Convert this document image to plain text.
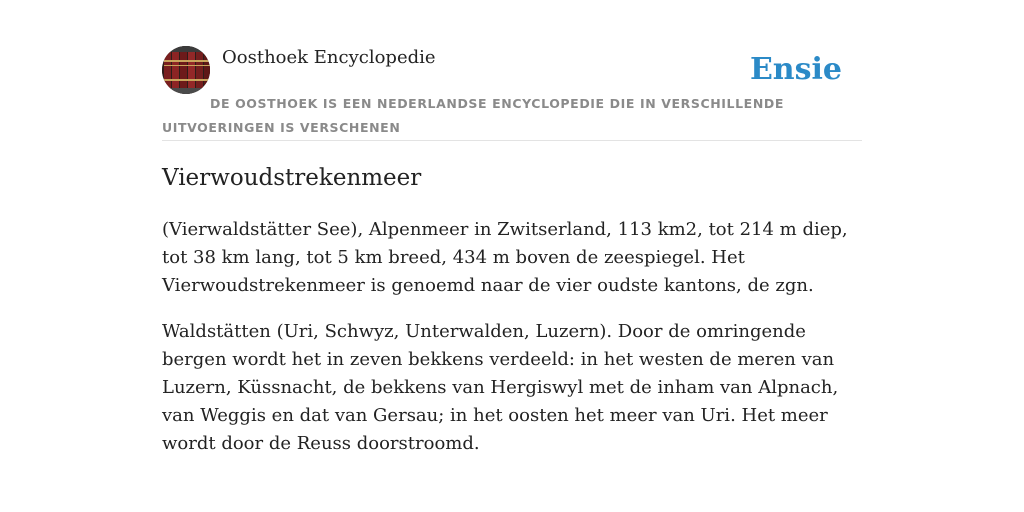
Oosthoek Encyclopedie	Ensie

DE OOSTHOEK IS EEN NEDERLANDSE ENCYCLOPEDIE DIE IN VERSCHILLENDE UITVOERINGEN IS VERSCHENEN

Vierwoudstrekenmeer

(Vierwaldstätter See), Alpenmeer in Zwitserland, 113 km2, tot 214 m diep, tot 38 km lang, tot 5 km breed, 434 m boven de zeespiegel. Het Vierwoudstrekenmeer is genoemd naar de vier oudste kantons, de zgn.

Waldstätten (Uri, Schwyz, Unterwalden, Luzern). Door de omringende bergen wordt het in zeven bekkens verdeeld: in het westen de meren van Luzern, Küssnacht, de bekkens van Hergiswyl met de inham van Alpnach, van Weggis en dat van Gersau; in het oosten het meer van Uri. Het meer wordt door de Reuss doorstroomd.
